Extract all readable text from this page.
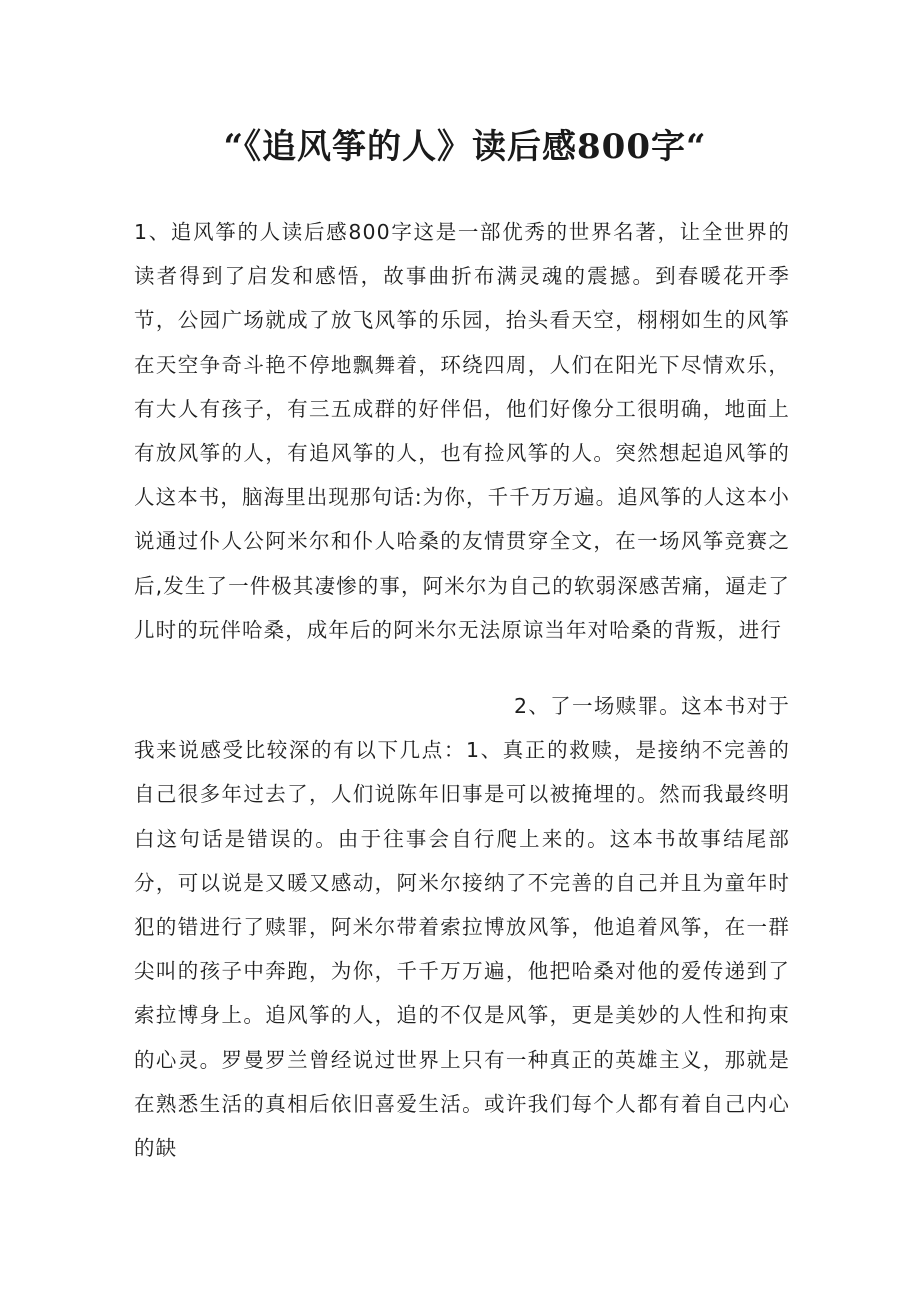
“《追风筝的人》读后感800字“

1、追风筝的人读后感800字这是一部优秀的世界名著，让全世界的读者得到了启发和感悟，故事曲折布满灵魂的震撼。到春暖花开季节，公园广场就成了放飞风筝的乐园，抬头看天空，栩栩如生的风筝在天空争奇斗艳不停地飘舞着，环绕四周，人们在阳光下尽情欢乐，有大人有孩子，有三五成群的好伴侣，他们好像分工很明确，地面上有放风筝的人，有追风筝的人，也有捡风筝的人。突然想起追风筝的人这本书，脑海里出现那句话:为你，千千万万遍。追风筝的人这本小说通过仆人公阿米尔和仆人哈桑的友情贯穿全文，在一场风筝竞赛之后,发生了一件极其凄惨的事，阿米尔为自己的软弱深感苦痛，逼走了儿时的玩伴哈桑，成年后的阿米尔无法原谅当年对哈桑的背叛，进行

2、了一场赎罪。这本书对于我来说感受比较深的有以下几点：1、真正的救赎，是接纳不完善的自己很多年过去了，人们说陈年旧事是可以被掩埋的。然而我最终明白这句话是错误的。由于往事会自行爬上来的。这本书故事结尾部分，可以说是又暖又感动，阿米尔接纳了不完善的自己并且为童年时犯的错进行了赎罪，阿米尔带着索拉博放风筝，他追着风筝，在一群尖叫的孩子中奔跑，为你，千千万万遍，他把哈桑对他的爱传递到了索拉博身上。追风筝的人，追的不仅是风筝，更是美妙的人性和拘束的心灵。罗曼罗兰曾经说过世界上只有一种真正的英雄主义，那就是在熟悉生活的真相后依旧喜爱生活。或许我们每个人都有着自己内心的缺
